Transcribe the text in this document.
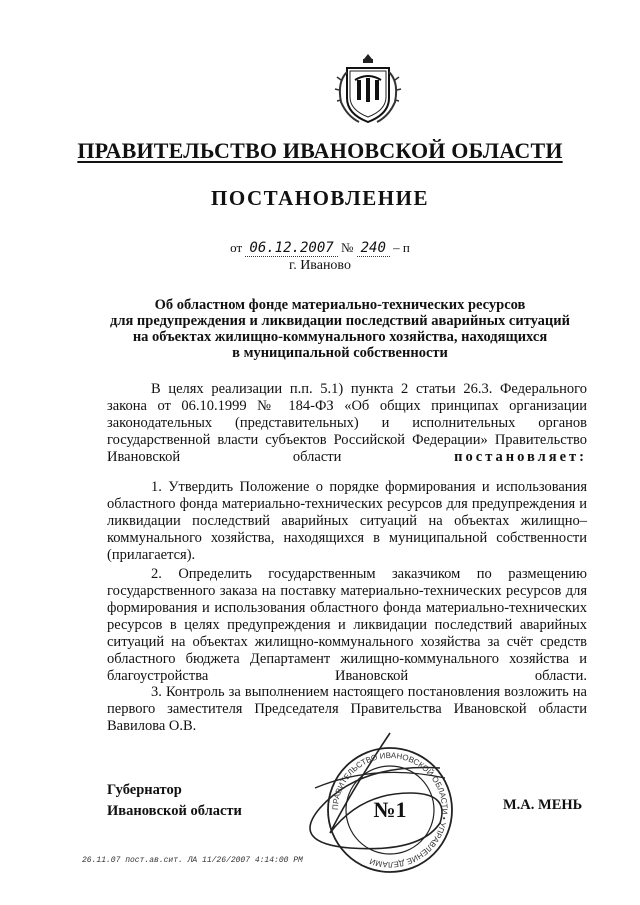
ПРАВИТЕЛЬСТВО ИВАНОВСКОЙ ОБЛАСТИ
ПОСТАНОВЛЕНИЕ
от 06.12.2007 № 240 – п
г. Иваново
Об областном фонде материально-технических ресурсов
для предупреждения и ликвидации последствий аварийных ситуаций
на объектах жилищно-коммунального хозяйства, находящихся
в муниципальной собственности
В целях реализации п.п. 5.1) пункта 2 статьи 26.3. Федерального закона от 06.10.1999 № 184-ФЗ «Об общих принципах организации законодательных (представительных) и исполнительных органов государственной власти субъектов Российской Федерации» Правительство Ивановской области	постановляет:
1. Утвердить Положение о порядке формирования и использования областного фонда материально-технических ресурсов для предупреждения и ликвидации последствий аварийных ситуаций на объектах жилищно–коммунального хозяйства, находящихся в муниципальной собственности (прилагается).
2. Определить государственным заказчиком по размещению государственного заказа на поставку материально-технических ресурсов для формирования и использования областного фонда материально-технических ресурсов в целях предупреждения и ликвидации последствий аварийных ситуаций на объектах жилищно-коммунального хозяйства за счёт средств областного бюджета Департамент жилищно-коммунального хозяйства и благоустройства Ивановской области.
3. Контроль за выполнением настоящего постановления возложить на первого заместителя Председателя Правительства Ивановской области Вавилова О.В.
Губернатор
Ивановской области	ПРАВИТЕЛЬСТВО ИВАНОВСКОЙ ОБЛАСТИ • УПРАВЛЕНИЕ ДЕЛАМИ
№1	М.А. МЕНЬ
26.11.07 пост.ав.сит. ЛА 11/26/2007 4:14:00 PM
